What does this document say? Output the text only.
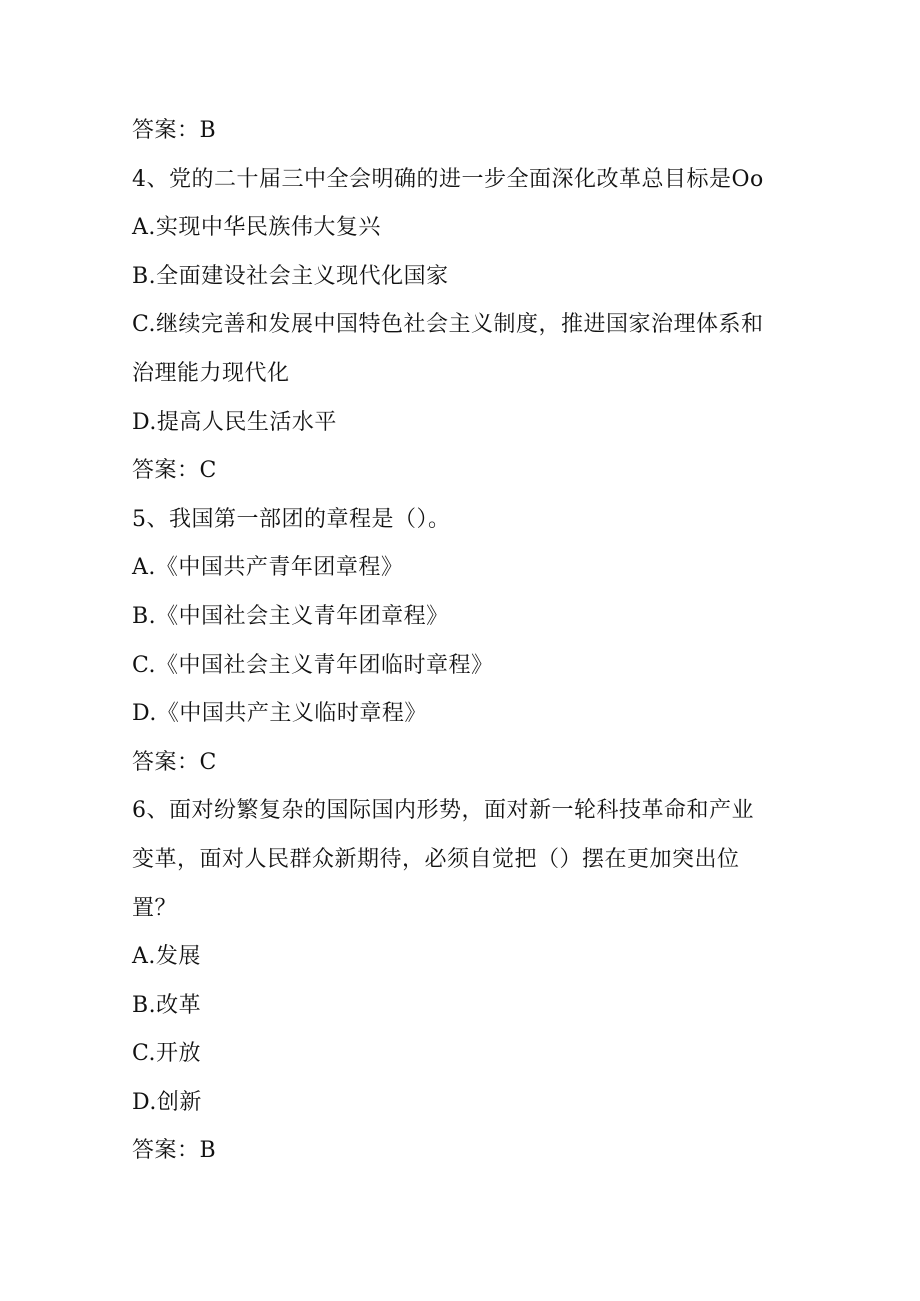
答案：B
4、党的二十届三中全会明确的进一步全面深化改革总目标是Oo
A.实现中华民族伟大复兴
B.全面建设社会主义现代化国家
C.继续完善和发展中国特色社会主义制度，推进国家治理体系和
治理能力现代化
D.提高人民生活水平
答案：C
5、我国第一部团的章程是（）。
A.《中国共产青年团章程》
B.《中国社会主义青年团章程》
C.《中国社会主义青年团临时章程》
D.《中国共产主义临时章程》
答案：C
6、面对纷繁复杂的国际国内形势，面对新一轮科技革命和产业
变革，面对人民群众新期待，必须自觉把（）摆在更加突出位
置？
A.发展
B.改革
C.开放
D.创新
答案：B
